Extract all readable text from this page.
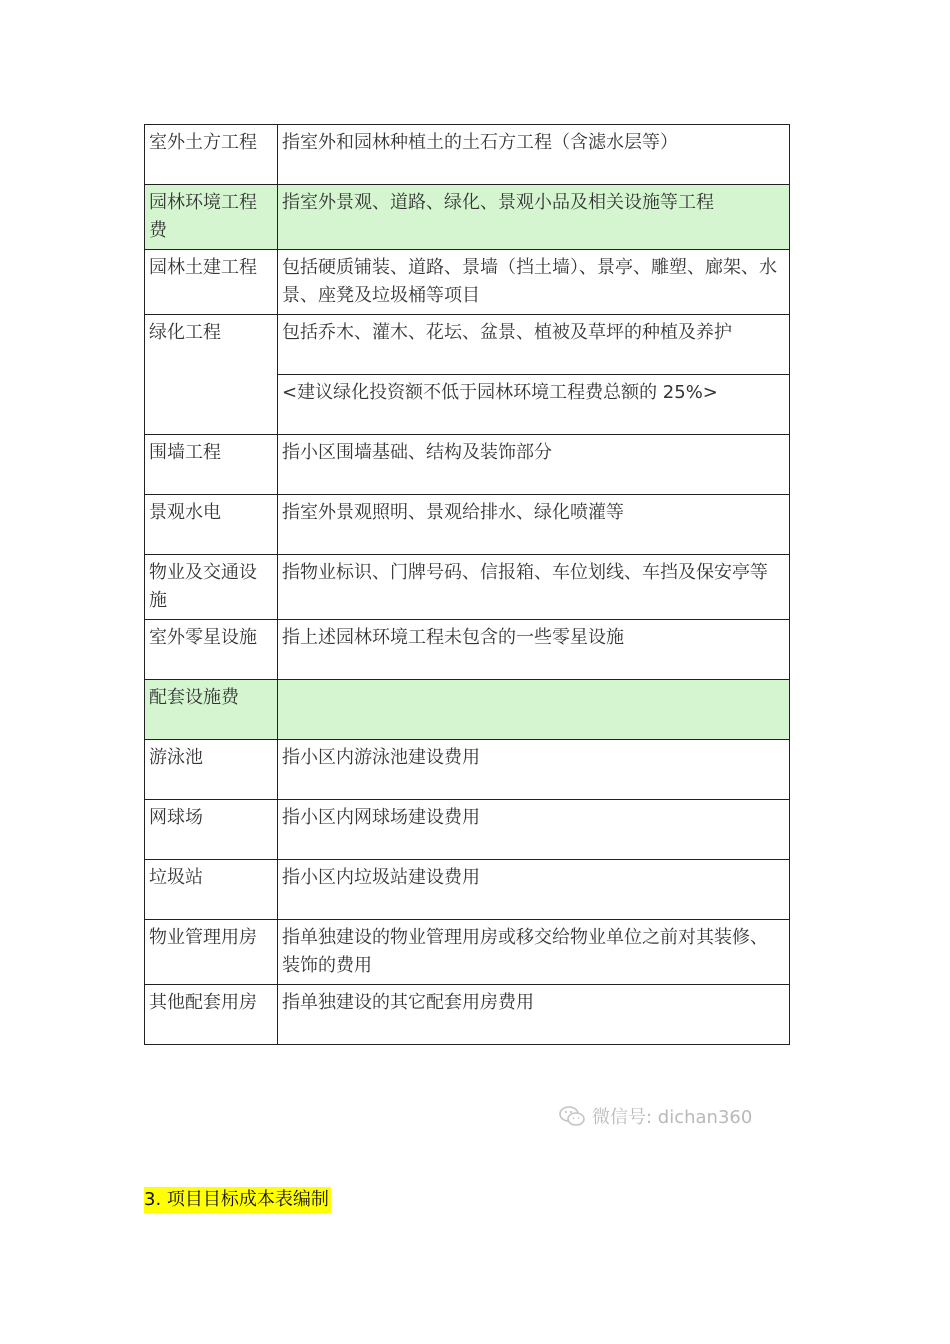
室外土方工程	指室外和园林种植土的土石方工程（含滤水层等）
园林环境工程费	指室外景观、道路、绿化、景观小品及相关设施等工程
园林土建工程	包括硬质铺装、道路、景墙（挡土墙）、景亭、雕塑、廊架、水景、座凳及垃圾桶等项目
绿化工程	包括乔木、灌木、花坛、盆景、植被及草坪的种植及养护
	<建议绿化投资额不低于园林环境工程费总额的 25%>
围墙工程	指小区围墙基础、结构及装饰部分
景观水电	指室外景观照明、景观给排水、绿化喷灌等
物业及交通设施	指物业标识、门牌号码、信报箱、车位划线、车挡及保安亭等
室外零星设施	指上述园林环境工程未包含的一些零星设施
配套设施费	
游泳池	指小区内游泳池建设费用
网球场	指小区内网球场建设费用
垃圾站	指小区内垃圾站建设费用
物业管理用房	指单独建设的物业管理用房或移交给物业单位之前对其装修、装饰的费用
其他配套用房	指单独建设的其它配套用房费用
微信号: dichan360
3. 项目目标成本表编制
